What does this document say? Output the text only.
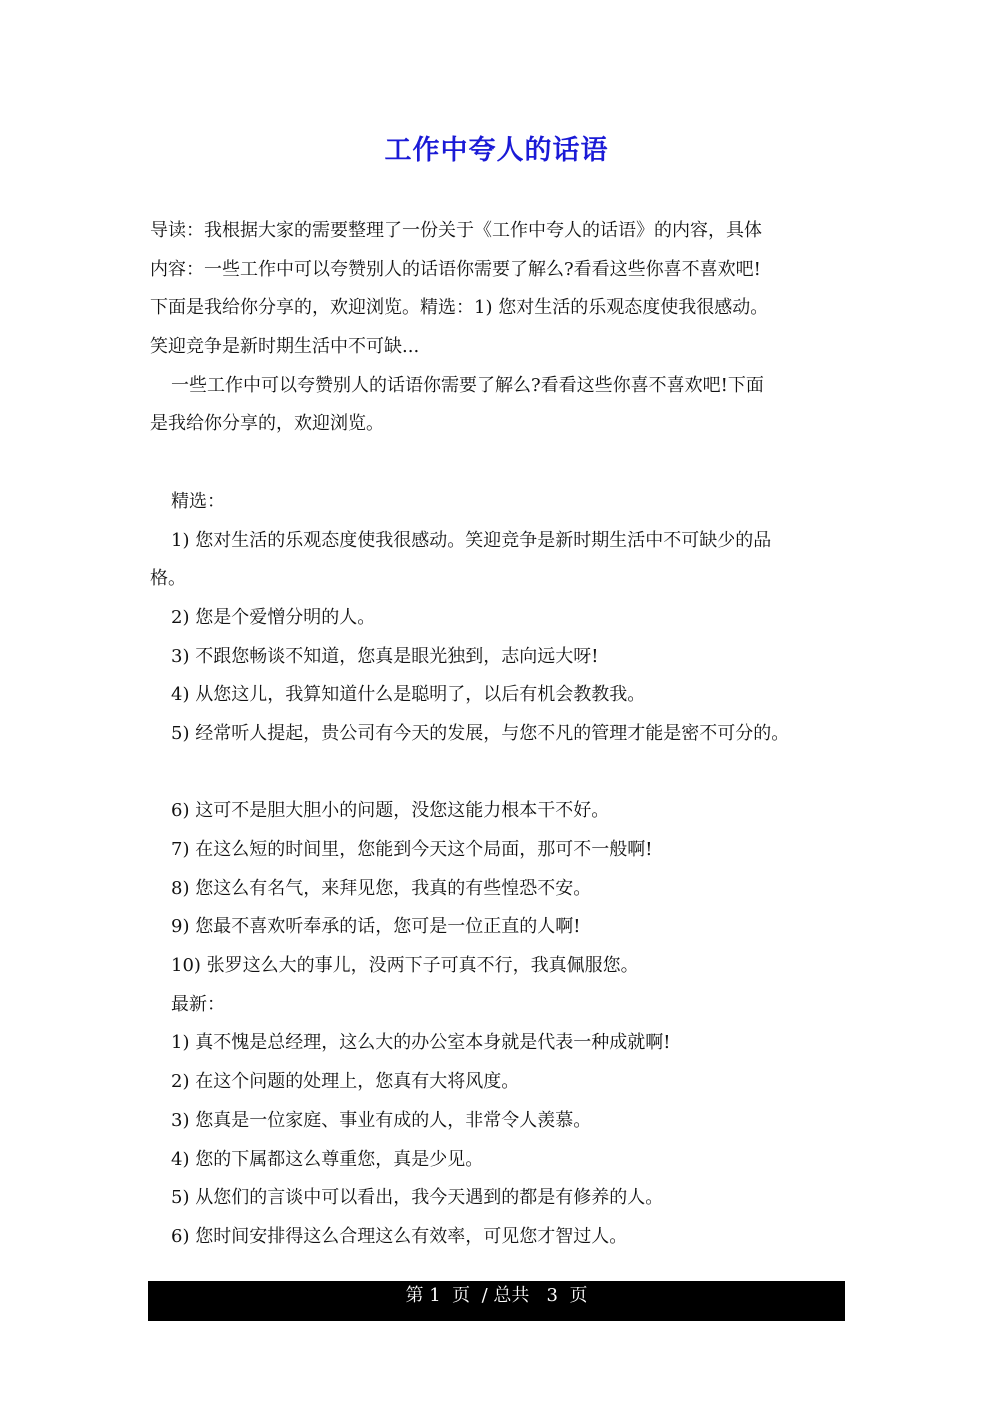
工作中夸人的话语
导读：我根据大家的需要整理了一份关于《工作中夸人的话语》的内容，具体
内容：一些工作中可以夸赞别人的话语你需要了解么?看看这些你喜不喜欢吧!
下面是我给你分享的，欢迎浏览。精选：1) 您对生活的乐观态度使我很感动。
笑迎竞争是新时期生活中不可缺...
一些工作中可以夸赞别人的话语你需要了解么?看看这些你喜不喜欢吧!下面
是我给你分享的，欢迎浏览。
精选：
1) 您对生活的乐观态度使我很感动。笑迎竞争是新时期生活中不可缺少的品
格。
2) 您是个爱憎分明的人。
3) 不跟您畅谈不知道，您真是眼光独到，志向远大呀!
4) 从您这儿，我算知道什么是聪明了，以后有机会教教我。
5) 经常听人提起，贵公司有今天的发展，与您不凡的管理才能是密不可分的。
6) 这可不是胆大胆小的问题，没您这能力根本干不好。
7) 在这么短的时间里，您能到今天这个局面，那可不一般啊!
8) 您这么有名气，来拜见您，我真的有些惶恐不安。
9) 您最不喜欢听奉承的话，您可是一位正直的人啊!
10) 张罗这么大的事儿，没两下子可真不行，我真佩服您。
最新：
1) 真不愧是总经理，这么大的办公室本身就是代表一种成就啊!
2) 在这个问题的处理上，您真有大将风度。
3) 您真是一位家庭、事业有成的人，非常令人羡慕。
4) 您的下属都这么尊重您，真是少见。
5) 从您们的言谈中可以看出，我今天遇到的都是有修养的人。
6) 您时间安排得这么合理这么有效率，可见您才智过人。
第 1  页  / 总共   3  页
